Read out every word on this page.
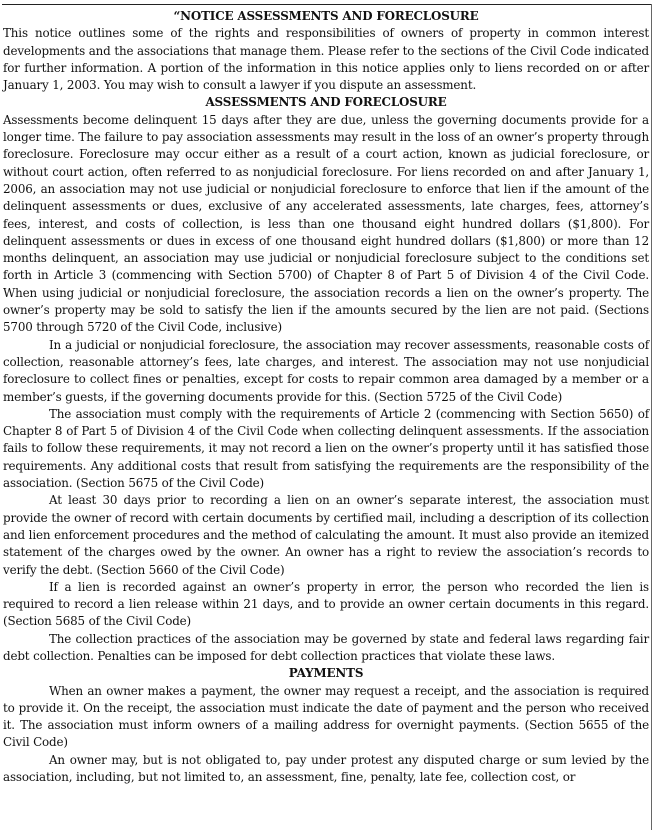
“NOTICE ASSESSMENTS AND FORECLOSURE

This notice outlines some of the rights and responsibilities of owners of property in common interest developments and the associations that manage them. Please refer to the sections of the Civil Code indicated for further information. A portion of the information in this notice applies only to liens recorded on or after January 1, 2003. You may wish to consult a lawyer if you dispute an assessment.

ASSESSMENTS AND FORECLOSURE

Assessments become delinquent 15 days after they are due, unless the governing documents provide for a longer time. The failure to pay association assessments may result in the loss of an owner’s property through foreclosure. Foreclosure may occur either as a result of a court action, known as judicial foreclosure, or without court action, often referred to as nonjudicial foreclosure. For liens recorded on and after January 1, 2006, an association may not use judicial or nonjudicial foreclosure to enforce that lien if the amount of the delinquent assessments or dues, exclusive of any accelerated assessments, late charges, fees, attorney’s fees, interest, and costs of collection, is less than one thousand eight hundred dollars ($1,800). For delinquent assessments or dues in excess of one thousand eight hundred dollars ($1,800) or more than 12 months delinquent, an association may use judicial or nonjudicial foreclosure subject to the conditions set forth in Article 3 (commencing with Section 5700) of Chapter 8 of Part 5 of Division 4 of the Civil Code. When using judicial or nonjudicial foreclosure, the association records a lien on the owner’s property. The owner’s property may be sold to satisfy the lien if the amounts secured by the lien are not paid. (Sections 5700 through 5720 of the Civil Code, inclusive)

In a judicial or nonjudicial foreclosure, the association may recover assessments, reasonable costs of collection, reasonable attorney’s fees, late charges, and interest. The association may not use nonjudicial foreclosure to collect fines or penalties, except for costs to repair common area damaged by a member or a member’s guests, if the governing documents provide for this. (Section 5725 of the Civil Code)

The association must comply with the requirements of Article 2 (commencing with Section 5650) of Chapter 8 of Part 5 of Division 4 of the Civil Code when collecting delinquent assessments. If the association fails to follow these requirements, it may not record a lien on the owner’s property until it has satisfied those requirements. Any additional costs that result from satisfying the requirements are the responsibility of the association. (Section 5675 of the Civil Code)

At least 30 days prior to recording a lien on an owner’s separate interest, the association must provide the owner of record with certain documents by certified mail, including a description of its collection and lien enforcement procedures and the method of calculating the amount. It must also provide an itemized statement of the charges owed by the owner. An owner has a right to review the association’s records to verify the debt. (Section 5660 of the Civil Code)

If a lien is recorded against an owner’s property in error, the person who recorded the lien is required to record a lien release within 21 days, and to provide an owner certain documents in this regard. (Section 5685 of the Civil Code)

The collection practices of the association may be governed by state and federal laws regarding fair debt collection. Penalties can be imposed for debt collection practices that violate these laws.

PAYMENTS

When an owner makes a payment, the owner may request a receipt, and the association is required to provide it. On the receipt, the association must indicate the date of payment and the person who received it. The association must inform owners of a mailing address for overnight payments. (Section 5655 of the Civil Code)

An owner may, but is not obligated to, pay under protest any disputed charge or sum levied by the association, including, but not limited to, an assessment, fine, penalty, late fee, collection cost, or
